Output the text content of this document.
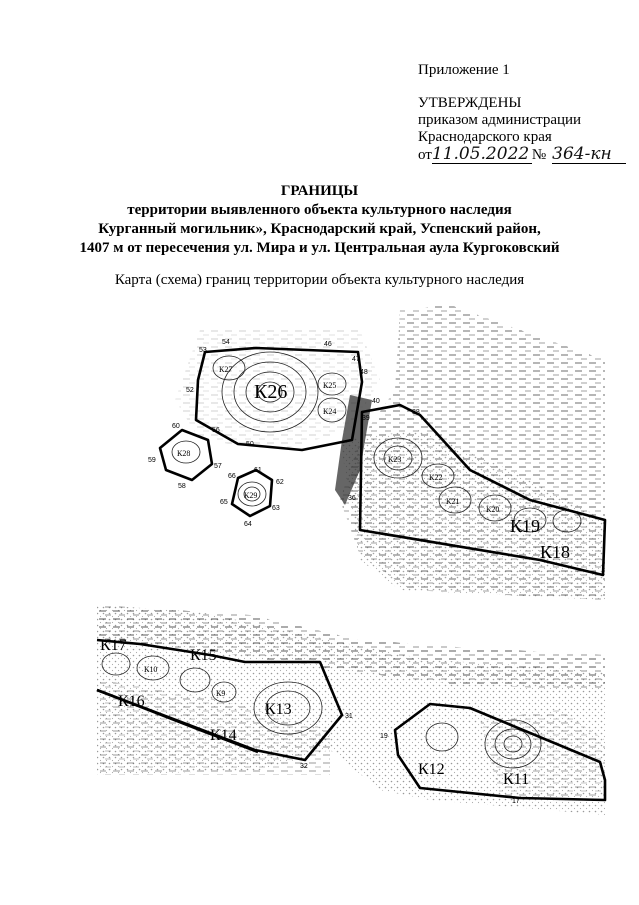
Приложение 1
УТВЕРЖДЕНЫ
приказом администрации
Краснодарского края
от11.05.2022 № 364-кн
ГРАНИЦЫ
территории выявленного объекта культурного наследия
Курганный могильник», Краснодарский край, Успенский район,
1407 м от пересечения ул. Мира и ул. Центральная аула Кургоковский
Карта (схема) границ территории объекта культурного наследия
К26
К27
К25
К24
К28
К29
К23
К22
К21
К20
К19
К18
53
54	46
47
48
52
50
56
57
58
59
60
61
62
63
64
65
66
36
38
39
40
К17
К16
К15
К14
К13
К12
К11
К10
К9
19
17
31
32
